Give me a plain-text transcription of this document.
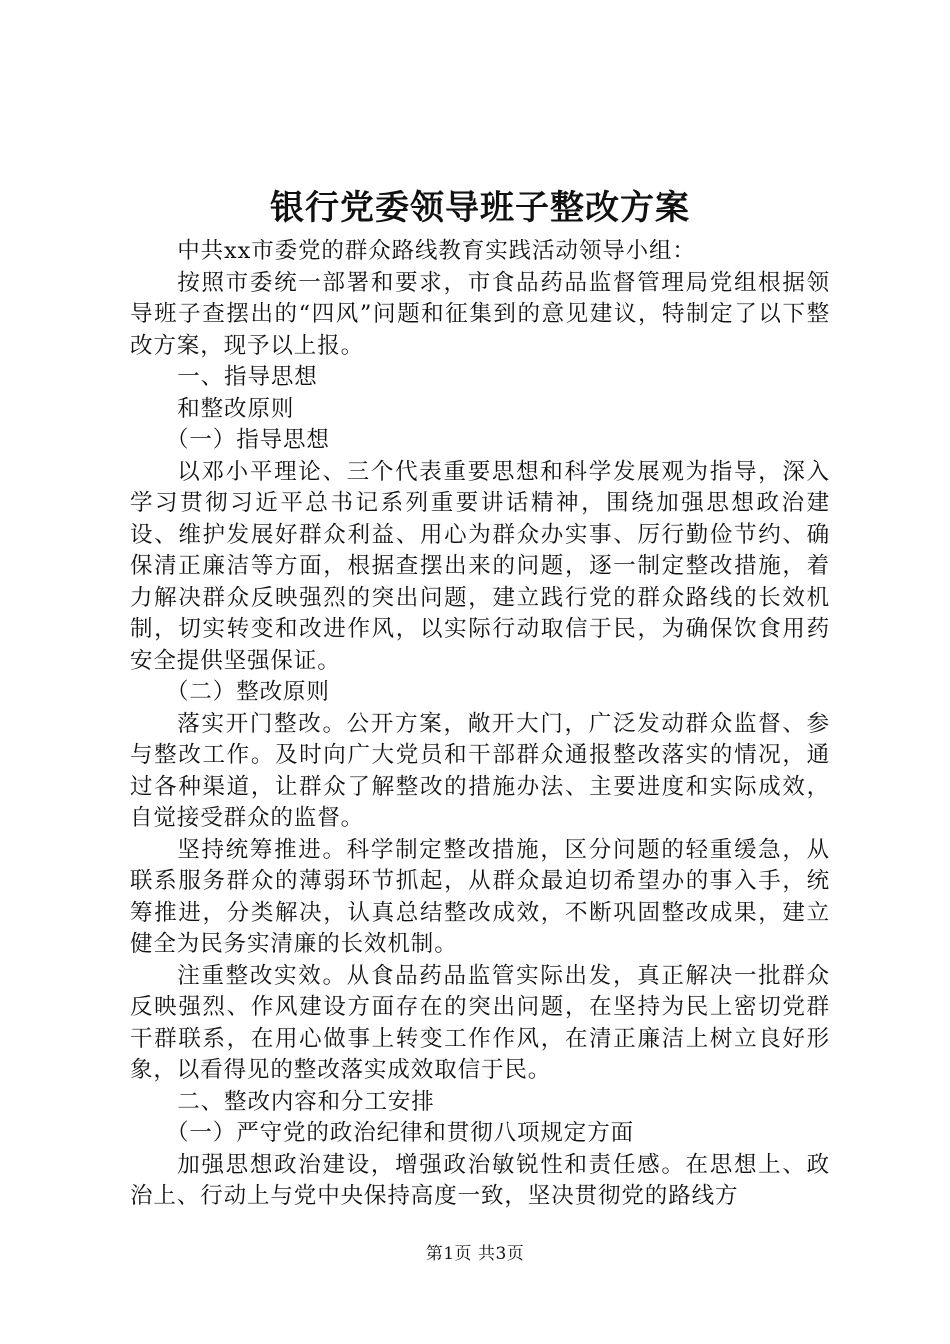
银行党委领导班子整改方案

中共xx市委党的群众路线教育实践活动领导小组：

按照市委统一部署和要求，市食品药品监督管理局党组根据领导班子查摆出的“四风”问题和征集到的意见建议，特制定了以下整改方案，现予以上报。

一、指导思想

和整改原则

（一）指导思想

以邓小平理论、三个代表重要思想和科学发展观为指导，深入学习贯彻习近平总书记系列重要讲话精神，围绕加强思想政治建设、维护发展好群众利益、用心为群众办实事、厉行勤俭节约、确保清正廉洁等方面，根据查摆出来的问题，逐一制定整改措施，着力解决群众反映强烈的突出问题，建立践行党的群众路线的长效机制，切实转变和改进作风，以实际行动取信于民，为确保饮食用药安全提供坚强保证。

（二）整改原则

落实开门整改。公开方案，敞开大门，广泛发动群众监督、参与整改工作。及时向广大党员和干部群众通报整改落实的情况，通过各种渠道，让群众了解整改的措施办法、主要进度和实际成效，自觉接受群众的监督。

坚持统筹推进。科学制定整改措施，区分问题的轻重缓急，从联系服务群众的薄弱环节抓起，从群众最迫切希望办的事入手，统筹推进，分类解决，认真总结整改成效，不断巩固整改成果，建立健全为民务实清廉的长效机制。

注重整改实效。从食品药品监管实际出发，真正解决一批群众反映强烈、作风建设方面存在的突出问题，在坚持为民上密切党群干群联系，在用心做事上转变工作作风，在清正廉洁上树立良好形象，以看得见的整改落实成效取信于民。

二、整改内容和分工安排

（一）严守党的政治纪律和贯彻八项规定方面

加强思想政治建设，增强政治敏锐性和责任感。在思想上、政治上、行动上与党中央保持高度一致，坚决贯彻党的路线方

第1页 共3页
